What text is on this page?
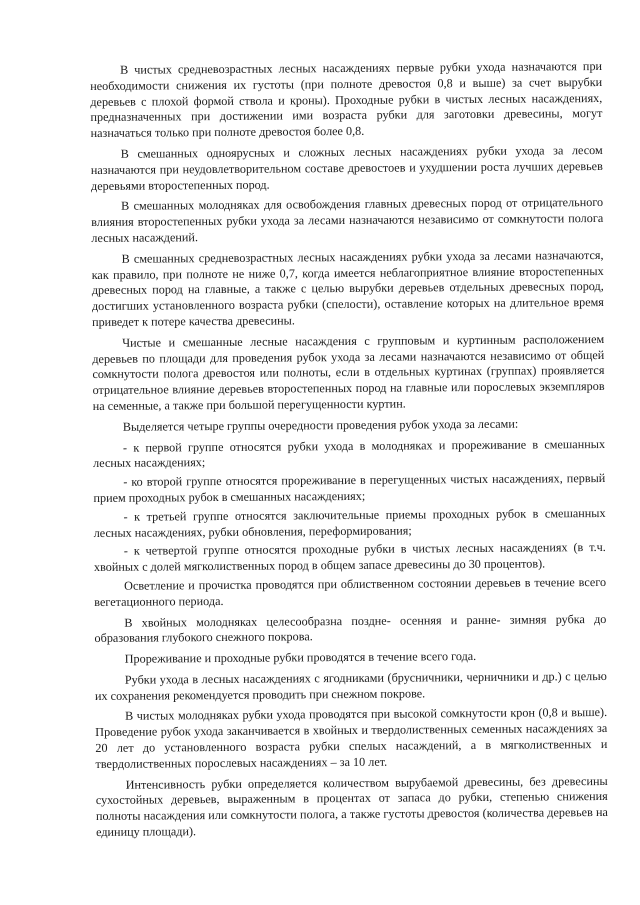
В чистых средневозрастных лесных насаждениях первые рубки ухода назначаются при необходимости снижения их густоты (при полноте древостоя 0,8 и выше) за счет вырубки деревьев с плохой формой ствола и кроны). Проходные рубки в чистых лесных насаждениях, предназначенных при достижении ими возраста рубки для заготовки древесины, могут назначаться только при полноте древостоя более 0,8.

В смешанных одноярусных и сложных лесных насаждениях рубки ухода за лесом назначаются при неудовлетворительном составе древостоев и ухудшении роста лучших деревьев деревьями второстепенных пород.

В смешанных молодняках для освобождения главных древесных пород от отрицательного влияния второстепенных рубки ухода за лесами назначаются независимо от сомкнутости полога лесных насаждений.

В смешанных средневозрастных лесных насаждениях рубки ухода за лесами назначаются, как правило, при полноте не ниже 0,7, когда имеется неблагоприятное влияние второстепенных древесных пород на главные, а также с целью вырубки деревьев отдельных древесных пород, достигших установленного возраста рубки (спелости), оставление которых на длительное время приведет к потере качества древесины.

Чистые и смешанные лесные насаждения с групповым и куртинным расположением деревьев по площади для проведения рубок ухода за лесами назначаются независимо от общей сомкнутости полога древостоя или полноты, если в отдельных куртинах (группах) проявляется отрицательное влияние деревьев второстепенных пород на главные или порослевых экземпляров на семенные, а также при большой перегущенности куртин.

Выделяется четыре группы очередности проведения рубок ухода за лесами:

- к первой группе относятся рубки ухода в молодняках и прореживание в смешанных лесных насаждениях;

- ко второй группе относятся прореживание в перегущенных чистых насаждениях, первый прием проходных рубок в смешанных насаждениях;

- к третьей группе относятся заключительные приемы проходных рубок в смешанных лесных насаждениях, рубки обновления, переформирования;

- к четвертой группе относятся проходные рубки в чистых лесных насаждениях (в т.ч. хвойных с долей мягколиственных пород в общем запасе древесины до 30 процентов).

Осветление и прочистка проводятся при облиственном состоянии деревьев в течение всего вегетационного периода.

В хвойных молодняках целесообразна поздне- осенняя и ранне- зимняя рубка до образования глубокого снежного покрова.

Прореживание и проходные рубки проводятся в течение всего года.

Рубки ухода в лесных насаждениях с ягодниками (брусничники, черничники и др.) с целью их сохранения рекомендуется проводить при снежном покрове.

В чистых молодняках рубки ухода проводятся при высокой сомкнутости крон (0,8 и выше). Проведение рубок ухода заканчивается в хвойных и твердолиственных семенных насаждениях за 20 лет до установленного возраста рубки спелых насаждений, а в мягколиственных и твердолиственных порослевых насаждениях – за 10 лет.

Интенсивность рубки определяется количеством вырубаемой древесины, без древесины сухостойных деревьев, выраженным в процентах от запаса до рубки, степенью снижения полноты насаждения или сомкнутости полога, а также густоты древостоя (количества деревьев на единицу площади).
